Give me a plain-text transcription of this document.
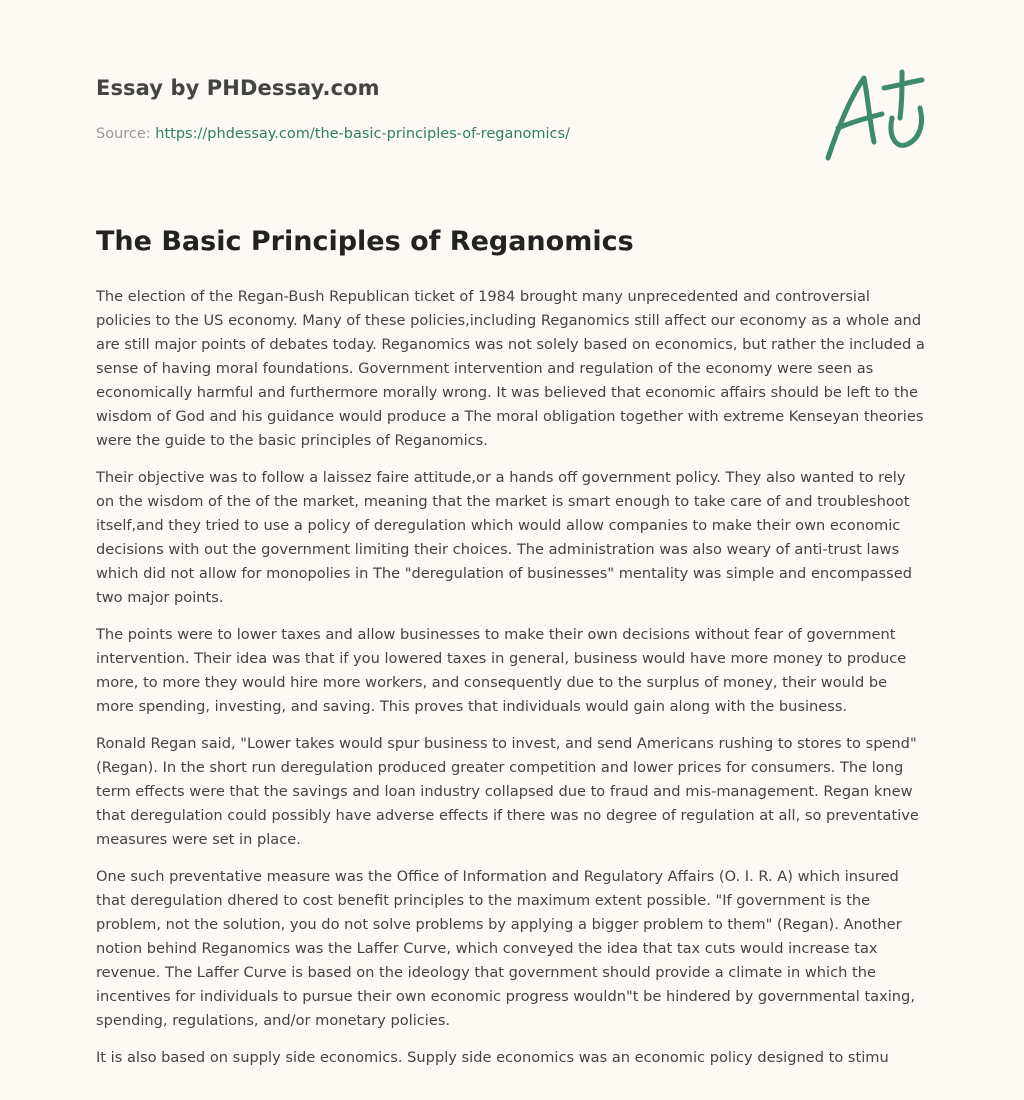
Essay by PHDessay.com
Source: https://phdessay.com/the-basic-principles-of-reganomics/
The Basic Principles of Reganomics

The election of the Regan-Bush Republican ticket of 1984 brought many unprecedented and controversial policies to the US economy. Many of these policies,including Reganomics still affect our economy as a whole and are still major points of debates today. Reganomics was not solely based on economics, but rather the included a sense of having moral foundations. Government intervention and regulation of the economy were seen as economically harmful and furthermore morally wrong. It was believed that economic affairs should be left to the wisdom of God and his guidance would produce a The moral obligation together with extreme Kenseyan theories were the guide to the basic principles of Reganomics.

Their objective was to follow a laissez faire attitude,or a hands off government policy. They also wanted to rely on the wisdom of the of the market, meaning that the market is smart enough to take care of and troubleshoot itself,and they tried to use a policy of deregulation which would allow companies to make their own economic decisions with out the government limiting their choices. The administration was also weary of anti-trust laws which did not allow for monopolies in The "deregulation of businesses" mentality was simple and encompassed two major points.

The points were to lower taxes and allow businesses to make their own decisions without fear of government intervention. Their idea was that if you lowered taxes in general, business would have more money to produce more, to more they would hire more workers, and consequently due to the surplus of money, their would be more spending, investing, and saving. This proves that individuals would gain along with the business.

Ronald Regan said, "Lower takes would spur business to invest, and send Americans rushing to stores to spend" (Regan). In the short run deregulation produced greater competition and lower prices for consumers. The long term effects were that the savings and loan industry collapsed due to fraud and mis-management. Regan knew that deregulation could possibly have adverse effects if there was no degree of regulation at all, so preventative measures were set in place.

One such preventative measure was the Office of Information and Regulatory Affairs (O. I. R. A) which insured that deregulation dhered to cost benefit principles to the maximum extent possible. "If government is the problem, not the solution, you do not solve problems by applying a bigger problem to them" (Regan). Another notion behind Reganomics was the Laffer Curve, which conveyed the idea that tax cuts would increase tax revenue. The Laffer Curve is based on the ideology that government should provide a climate in which the incentives for individuals to pursue their own economic progress wouldn"t be hindered by governmental taxing, spending, regulations, and/or monetary policies.

It is also based on supply side economics. Supply side economics was an economic policy designed to stimu
